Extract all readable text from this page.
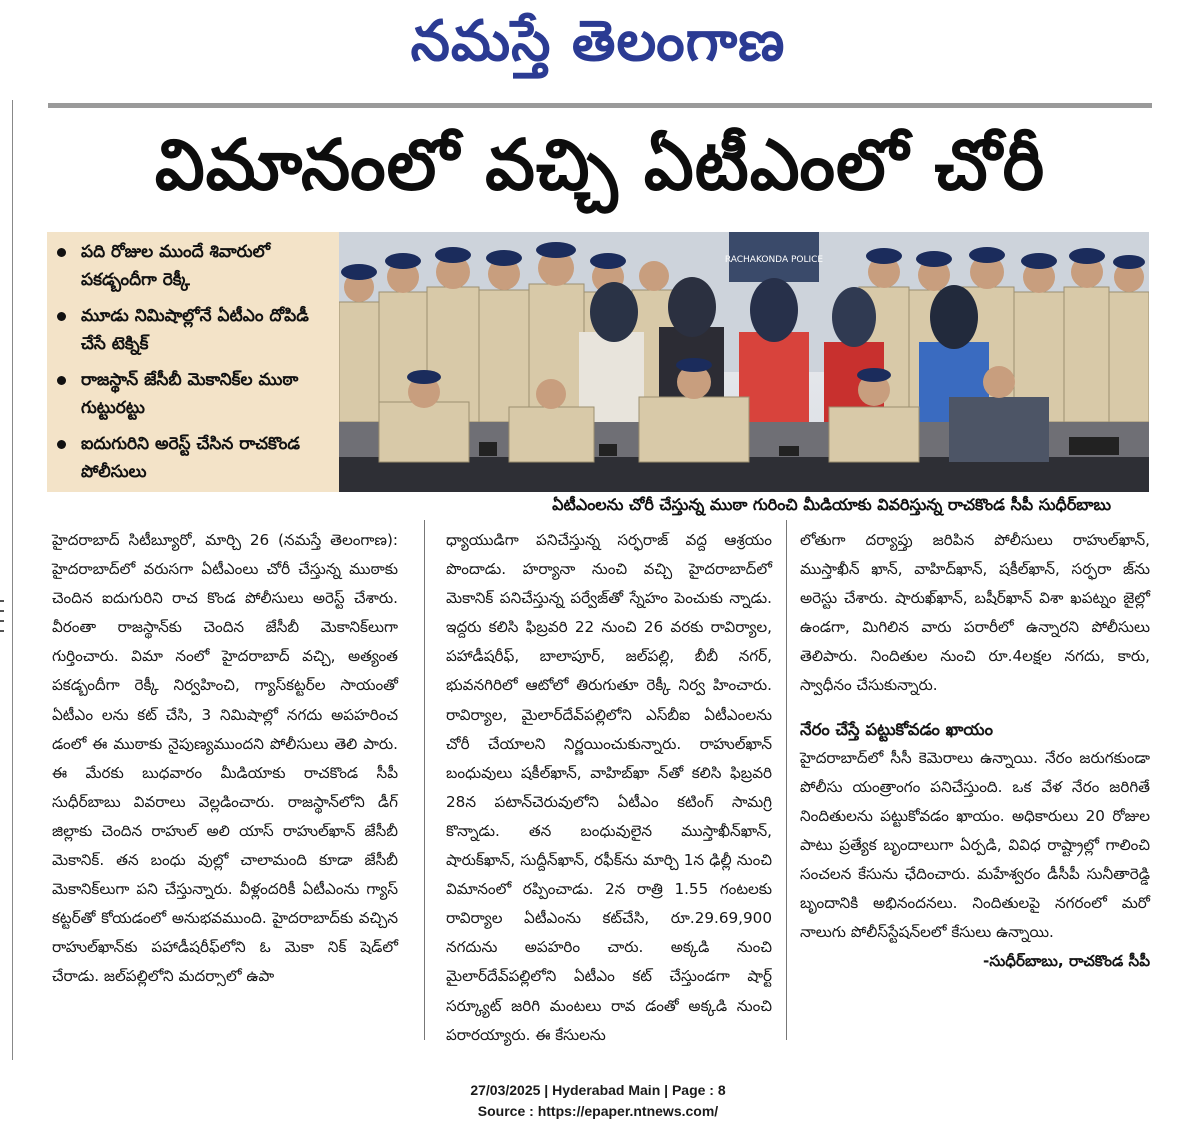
నమస్తే తెలంగాణ
విమానంలో వచ్చి ఏటీఎంలో చోరీ
పది రోజుల ముందే శివారులో పకడ్బందీగా రెక్కీ
మూడు నిమిషాల్లోనే ఏటీఎం దోపిడీ చేసే టెక్నిక్
రాజస్థాన్ జేసీబీ మెకానిక్‌ల ముఠా గుట్టురట్టు
ఐదుగురిని అరెస్ట్ చేసిన రాచకొండ పోలీసులు
RACHAKONDA POLICE
ఏటీఎంలను చోరీ చేస్తున్న ముఠా గురించి మీడియాకు వివరిస్తున్న రాచకొండ సీపీ సుధీర్‌బాబు

హైదరాబాద్ సిటీబ్యూరో, మార్చి 26 (నమస్తే తెలంగాణ): హైదరాబాద్‌లో వరుసగా ఏటీఎంలు చోరీ చేస్తున్న ముఠాకు చెందిన ఐదుగురిని రాచ కొండ పోలీసులు అరెస్ట్ చేశారు. వీరంతా రాజస్థాన్‌కు చెందిన జేసీబీ మెకానిక్‌లుగా గుర్తించారు. విమా నంలో హైదరాబాద్ వచ్చి, అత్యంత పకడ్బందీగా రెక్కీ నిర్వహించి, గ్యాస్‌కట్టర్‌ల సాయంతో ఏటీఎం లను కట్ చేసి, 3 నిమిషాల్లో నగదు అపహరించ డంలో ఈ ముఠాకు నైపుణ్యముందని పోలీసులు తెలి పారు. ఈ మేరకు బుధవారం మీడియాకు రాచకొండ సీపీ సుధీర్‌బాబు వివరాలు వెల్లడించారు. రాజస్థాన్‌లోని డీగ్ జిల్లాకు చెందిన రాహుల్ అలి యాస్ రాహుల్‌ఖాన్ జేసీబీ మెకానిక్. తన బంధు వుల్లో చాలామంది కూడా జేసీబీ మెకానిక్‌లుగా పని చేస్తున్నారు. వీళ్లందరికీ ఏటీఎంను గ్యాస్ కట్టర్‌తో కోయడంలో అనుభవముంది. హైదరాబాద్‌కు వచ్చిన రాహుల్‌ఖాన్‌కు పహాడీషరీఫ్‌లోని ఓ మెకా నిక్ షెడ్‌లో చేరాడు. జల్‌పల్లిలోని మదర్సాలో ఉపా

ధ్యాయుడిగా పనిచేస్తున్న సర్ఫరాజ్ వద్ద ఆశ్రయం పొందాడు. హర్యానా నుంచి వచ్చి హైదరాబాద్‌లో మెకానిక్ పనిచేస్తున్న పర్వేజ్‌తో స్నేహం పెంచుకు న్నాడు. ఇద్దరు కలిసి ఫిబ్రవరి 22 నుంచి 26 వరకు రావిర్యాల, పహాడీషరీఫ్, బాలాపూర్, జల్‌పల్లి, బీబీ నగర్, భువనగిరిలో ఆటోలో తిరుగుతూ రెక్కీ నిర్వ హించారు. రావిర్యాల, మైలార్‌దేవ్‌పల్లిలోని ఎస్‌బీఐ ఏటీఎంలను చోరీ చేయాలని నిర్ణయించుకున్నారు. రాహుల్‌ఖాన్ బంధువులు షకీల్‌ఖాన్, వాహిబ్‌ఖా న్‌తో కలిసి ఫిబ్రవరి 28న పటాన్‌చెరువులోని ఏటీఎం కటింగ్ సామగ్రి కొన్నాడు. తన బంధువులైన ముస్తాఖీన్‌ఖాన్, షారుక్‌ఖాన్, సుద్దీన్‌ఖాన్, రఫీక్‌ను మార్చి 1న ఢిల్లీ నుంచి విమానంలో రప్పించాడు. 2న రాత్రి 1.55 గంటలకు రావిర్యాల ఏటీఎంను కట్‌చేసి, రూ.29.69,900 నగదును అపహరిం చారు. అక్కడి నుంచి మైలార్‌దేవ్‌పల్లిలోని ఏటీఎం కట్ చేస్తుండగా షార్ట్ సర్క్యూట్ జరిగి మంటలు రావ డంతో అక్కడి నుంచి పరారయ్యారు. ఈ కేసులను

లోతుగా దర్యాప్తు జరిపిన పోలీసులు రాహుల్‌ఖాన్, ముస్తాఖీన్ ఖాన్, వాహిద్‌ఖాన్, షకీల్‌ఖాన్, సర్ఫరా జ్‌ను అరెస్టు చేశారు. షారుఖ్‌ఖాన్, బషీర్‌ఖాన్ విశా ఖపట్నం జైల్లో ఉండగా, మిగిలిన వారు పరారీలో ఉన్నారని పోలీసులు తెలిపారు. నిందితుల నుంచి రూ.4లక్షల నగదు, కారు, స్వాధీనం చేసుకున్నారు.

నేరం చేస్తే పట్టుకోవడం ఖాయం

హైదరాబాద్‌లో సీసీ కెమెరాలు ఉన్నాయి. నేరం జరుగకుండా పోలీసు యంత్రాంగం పనిచేస్తుంది. ఒక వేళ నేరం జరిగితే నిందితులను పట్టుకోవడం ఖాయం. అధికారులు 20 రోజుల పాటు ప్రత్యేక బృందాలుగా ఏర్పడి, వివిధ రాష్ట్రాల్లో గాలించి సంచలన కేసును ఛేదించారు. మహేశ్వరం డీసీపీ సునీతారెడ్డి బృందానికి అభినందనలు. నిందితులపై నగరంలో మరో నాలుగు పోలీస్‌స్టేషన్‌లలో కేసులు ఉన్నాయి.

-సుధీర్‌బాబు, రాచకొండ సీపీ

27/03/2025 | Hyderabad Main | Page : 8
Source : https://epaper.ntnews.com/
